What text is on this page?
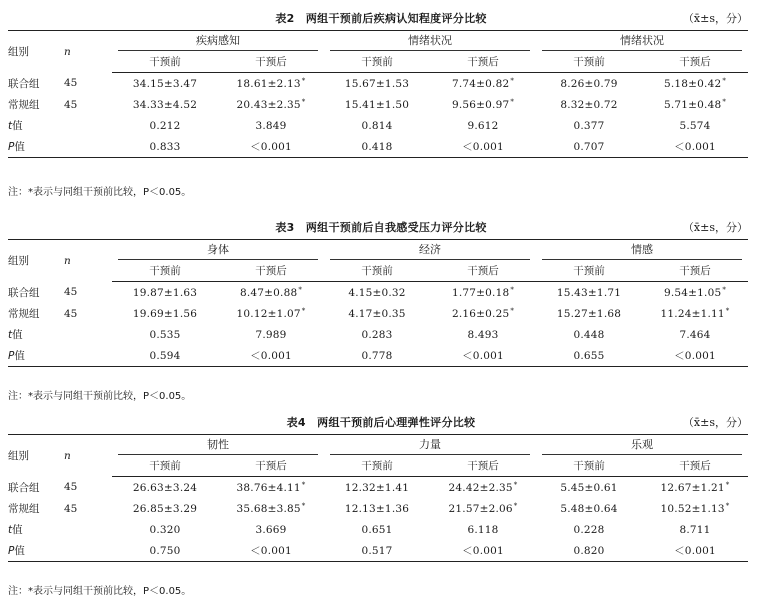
表2　两组干预前后疾病认知程度评分比较	（x̄±s，分）
组别	n	疾病感知		情绪状况		情绪状况	

		干预前	干预后	干预前	干预后	干预前	干预后
联合组	45	34.15±3.47	18.61±2.13*	15.67±1.53	7.74±0.82*	8.26±0.79	5.18±0.42*
常规组	45	34.33±4.52	20.43±2.35*	15.41±1.50	9.56±0.97*	8.32±0.72	5.71±0.48*
t值		0.212	3.849	0.814	9.612	0.377	5.574
P值		0.833	＜0.001	0.418	＜0.001	0.707	＜0.001
注：*表示与同组干预前比较，P＜0.05。
表3　两组干预前后自我感受压力评分比较	（x̄±s，分）
组别	n	身体		经济		情感	

		干预前	干预后	干预前	干预后	干预前	干预后
联合组	45	19.87±1.63	8.47±0.88*	4.15±0.32	1.77±0.18*	15.43±1.71	9.54±1.05*
常规组	45	19.69±1.56	10.12±1.07*	4.17±0.35	2.16±0.25*	15.27±1.68	11.24±1.11*
t值		0.535	7.989	0.283	8.493	0.448	7.464
P值		0.594	＜0.001	0.778	＜0.001	0.655	＜0.001
注：*表示与同组干预前比较，P＜0.05。
表4　两组干预前后心理弹性评分比较	（x̄±s，分）
组别	n	韧性		力量		乐观	

		干预前	干预后	干预前	干预后	干预前	干预后
联合组	45	26.63±3.24	38.76±4.11*	12.32±1.41	24.42±2.35*	5.45±0.61	12.67±1.21*
常规组	45	26.85±3.29	35.68±3.85*	12.13±1.36	21.57±2.06*	5.48±0.64	10.52±1.13*
t值		0.320	3.669	0.651	6.118	0.228	8.711
P值		0.750	＜0.001	0.517	＜0.001	0.820	＜0.001
注：*表示与同组干预前比较，P＜0.05。
